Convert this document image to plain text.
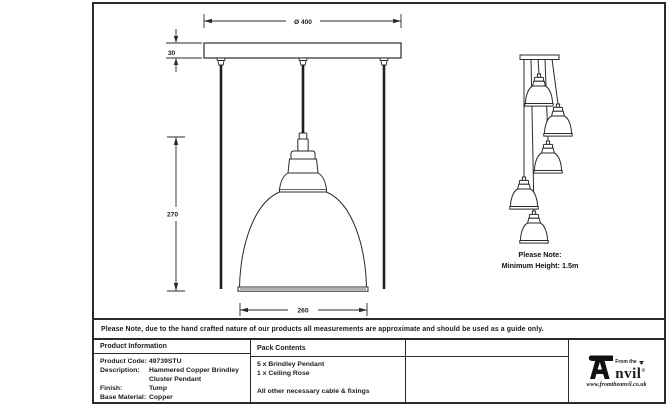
Ø 400
30
270
260
Please Note:
Minimum Height: 1.5m
Please Note, due to the hand crafted nature of our products all measurements are approximate and should be used as a guide only.
Product Information
Product Code: 49739STU
Description:	Hammered Copper Brindley
Cluster Pendant
Finish:	Tump
Base Material: Copper
Pack Contents
5 x Brindley Pendant
1 x Ceiling Rose
All other necessary cable & fixings
From the
nvil®
www.fromtheanvil.co.uk
